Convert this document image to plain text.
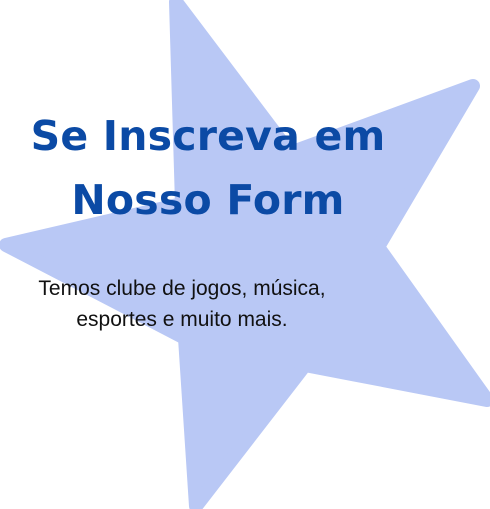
Se Inscreva em
Nosso Form

Temos clube de jogos, música,
esportes e muito mais.
